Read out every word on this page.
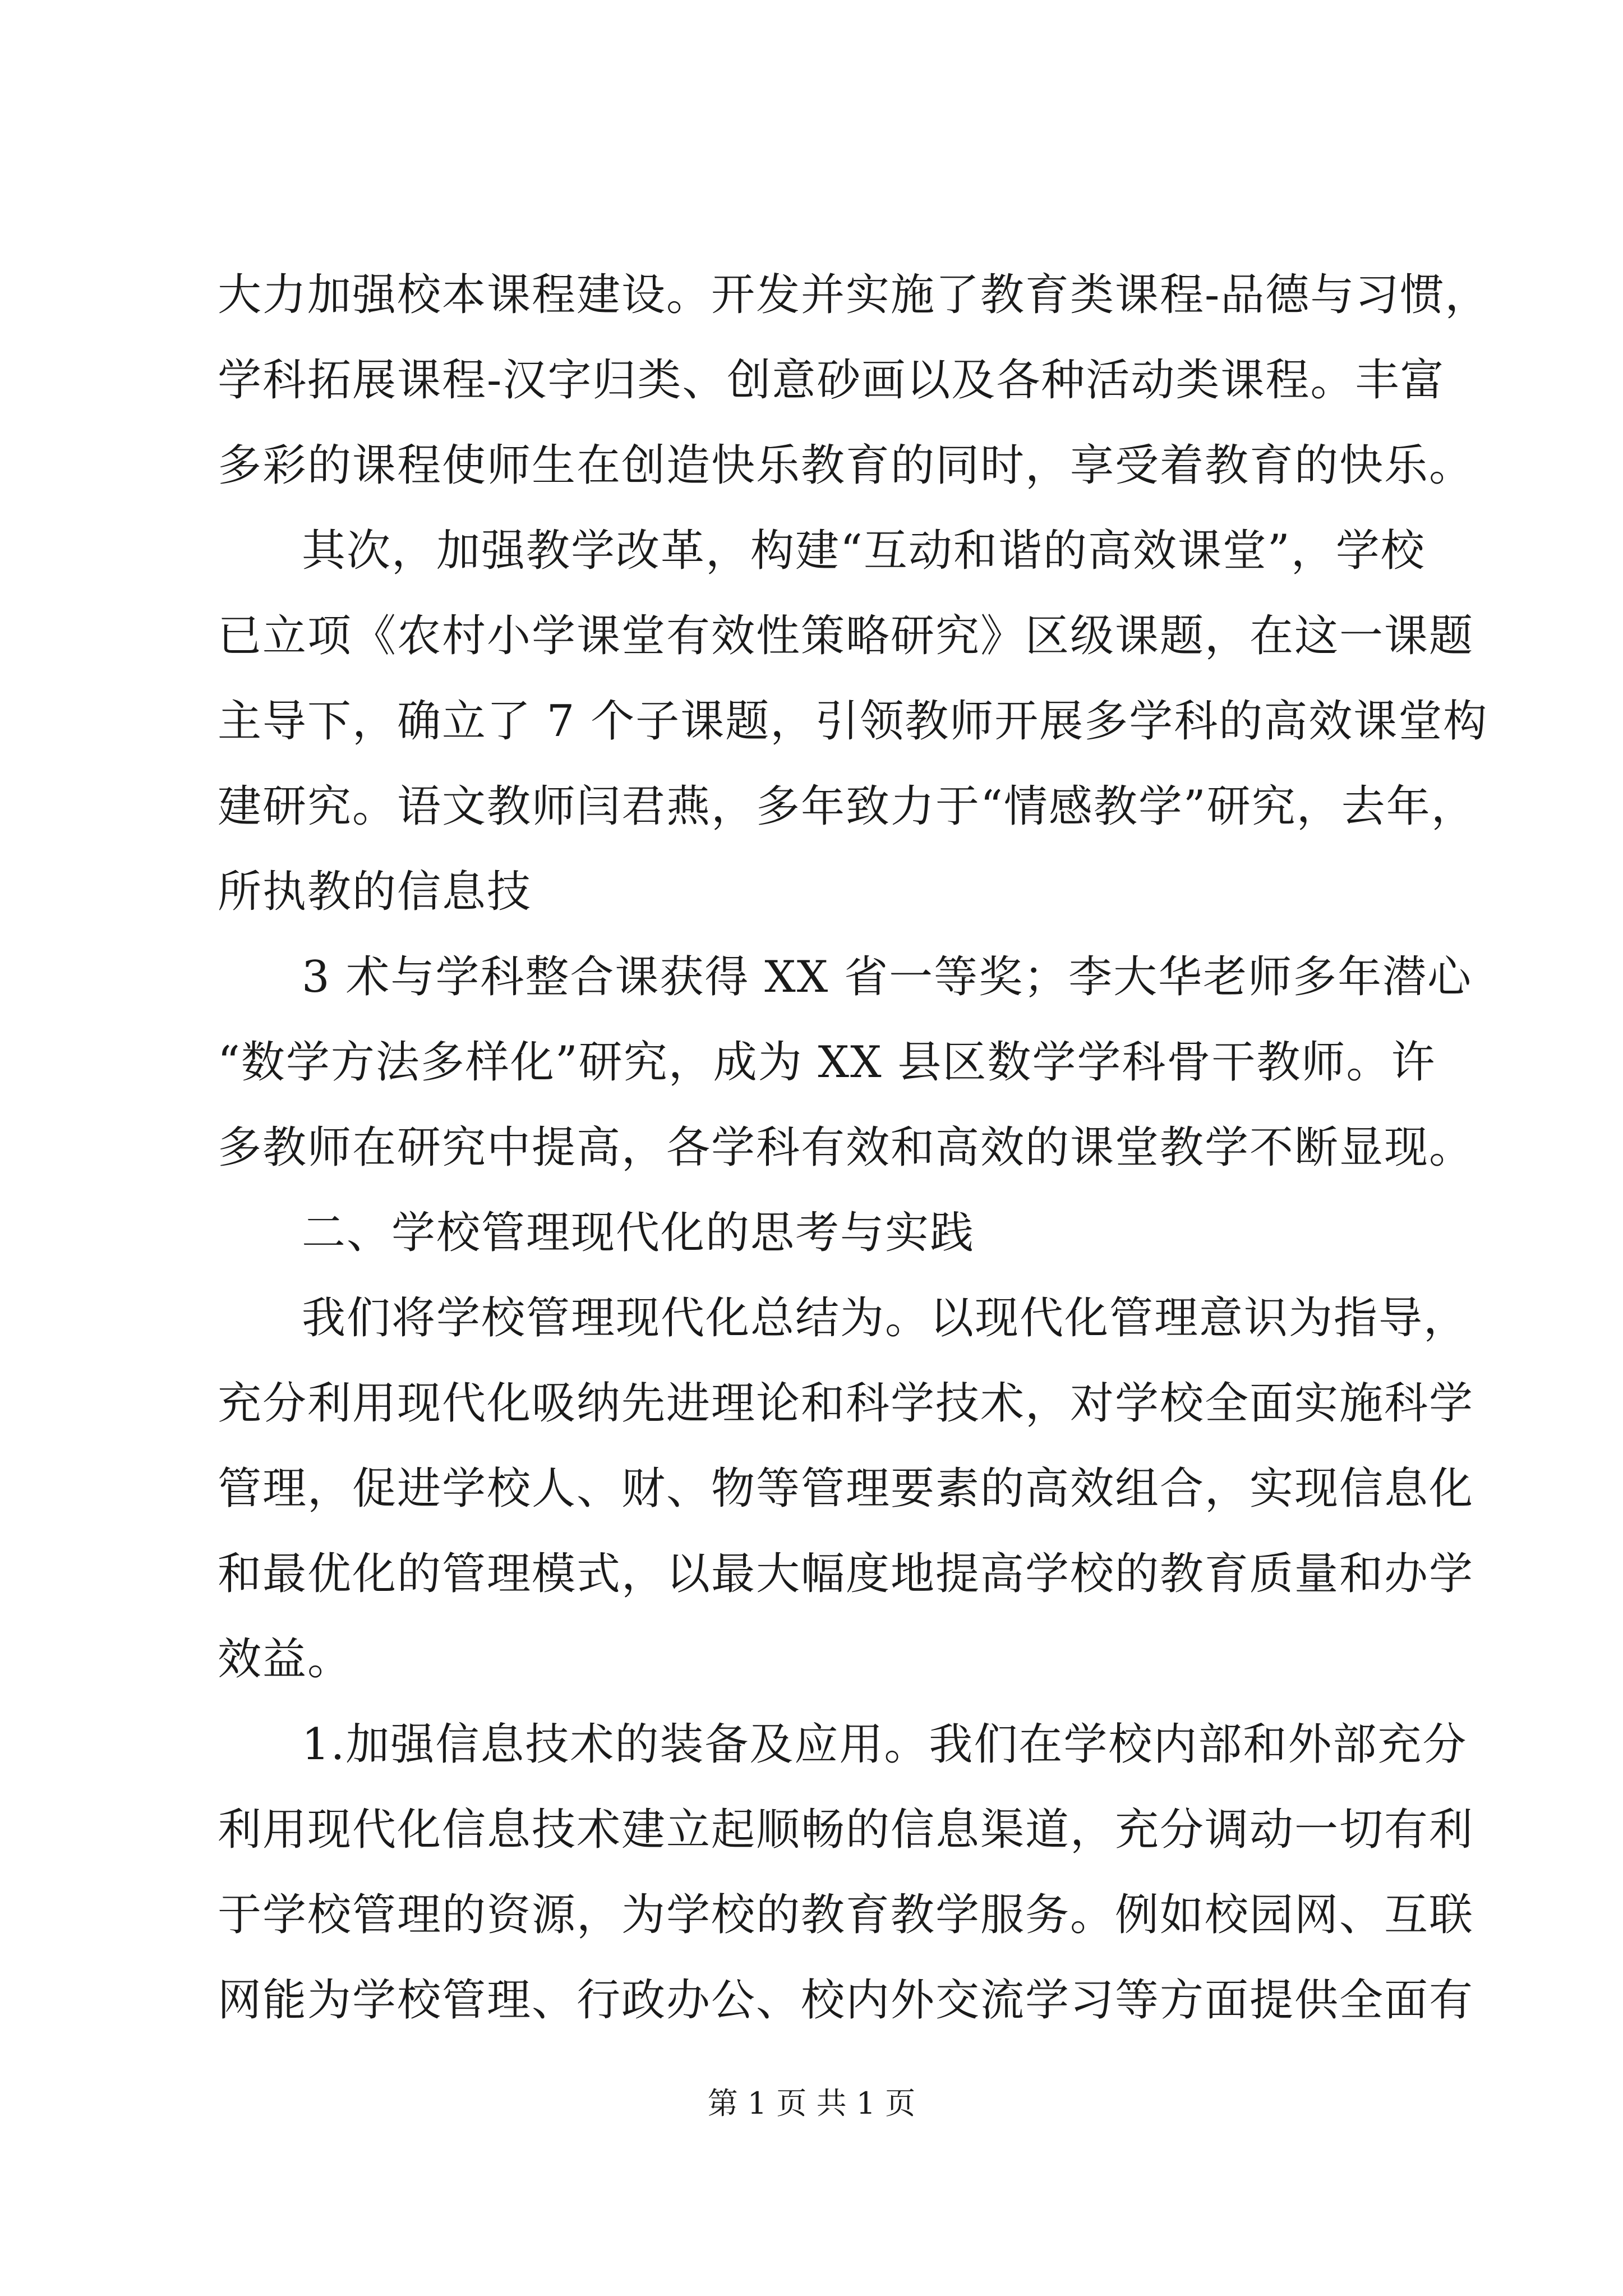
大力加强校本课程建设。开发并实施了教育类课程-品德与习惯，
学科拓展课程-汉字归类、创意砂画以及各种活动类课程。丰富
多彩的课程使师生在创造快乐教育的同时，享受着教育的快乐。
其次，加强教学改革，构建“互动和谐的高效课堂”，学校
已立项《农村小学课堂有效性策略研究》区级课题，在这一课题
主导下，确立了 7 个子课题，引领教师开展多学科的高效课堂构
建研究。语文教师闫君燕，多年致力于“情感教学”研究，去年，
所执教的信息技
3 术与学科整合课获得 XX 省一等奖；李大华老师多年潜心
“数学方法多样化”研究，成为 XX 县区数学学科骨干教师。许
多教师在研究中提高，各学科有效和高效的课堂教学不断显现。
二、学校管理现代化的思考与实践
我们将学校管理现代化总结为。以现代化管理意识为指导，
充分利用现代化吸纳先进理论和科学技术，对学校全面实施科学
管理，促进学校人、财、物等管理要素的高效组合，实现信息化
和最优化的管理模式，以最大幅度地提高学校的教育质量和办学
效益。
1.加强信息技术的装备及应用。我们在学校内部和外部充分
利用现代化信息技术建立起顺畅的信息渠道，充分调动一切有利
于学校管理的资源，为学校的教育教学服务。例如校园网、互联
网能为学校管理、行政办公、校内外交流学习等方面提供全面有
第 1 页 共 1 页
